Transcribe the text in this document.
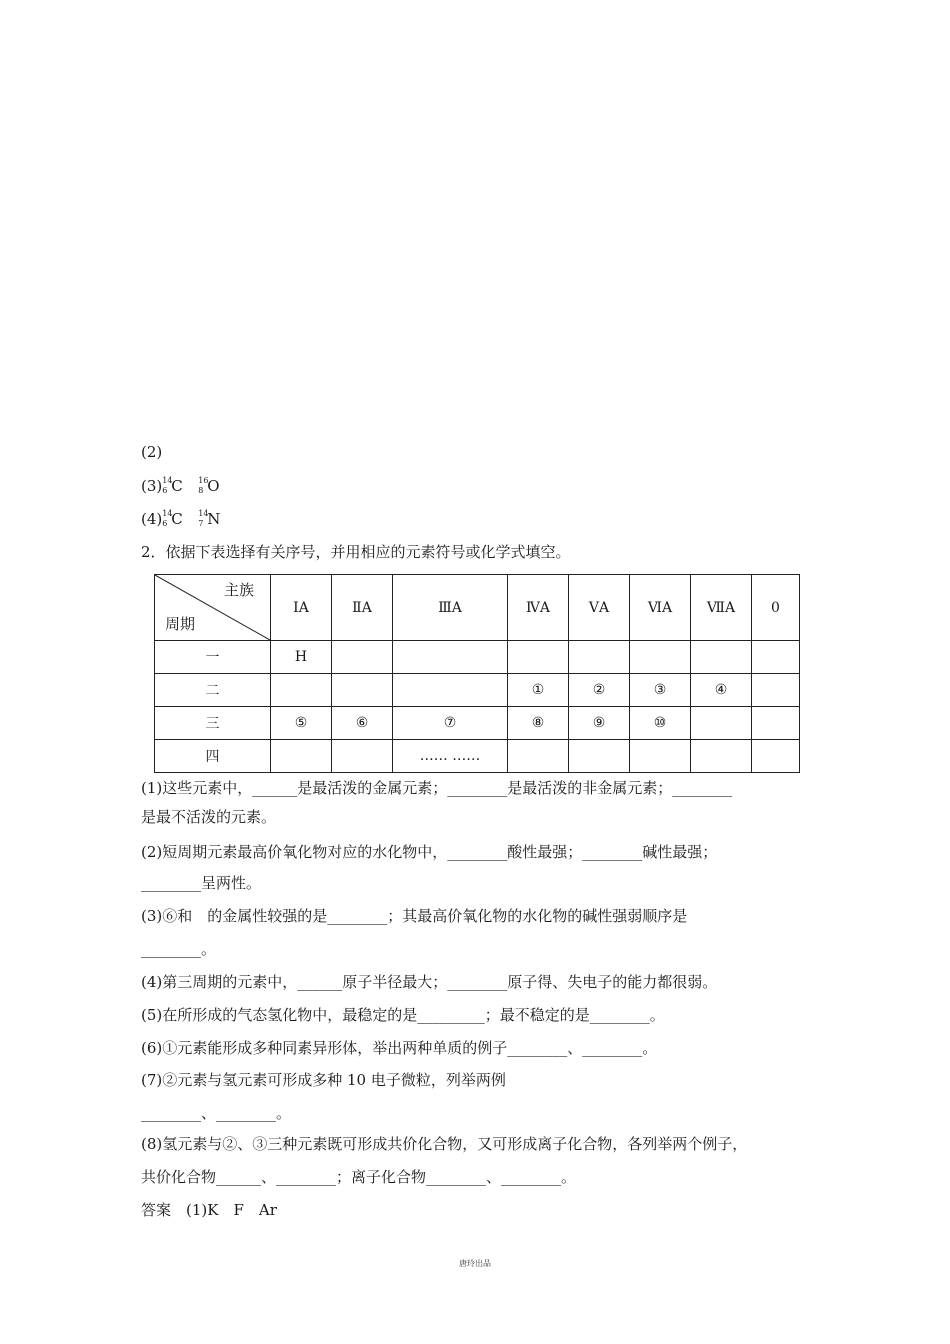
(2)
(3) 14
6 C 16
8 O
(4) 14
6 C 14
7 N
2．依据下表选择有关序号，并用相应的元素符号或化学式填空。
主族
周期	ⅠA	ⅡA	ⅢA	ⅣA	ⅤA	ⅥA	ⅦA	0
一	H							
二				①	②	③	④	
三	⑤	⑥	⑦	⑧	⑨	⑩		
四			…… ……					
(1)这些元素中，______是最活泼的金属元素；________是最活泼的非金属元素；________
是最不活泼的元素。
(2)短周期元素最高价氧化物对应的水化物中，________酸性最强；________碱性最强；
________呈两性。
(3)⑥和　的金属性较强的是________；其最高价氧化物的水化物的碱性强弱顺序是
________。
(4)第三周期的元素中，______原子半径最大；________原子得、失电子的能力都很弱。
(5)在所形成的气态氢化物中，最稳定的是_________；最不稳定的是________。
(6)①元素能形成多种同素异形体，举出两种单质的例子________、________。
(7)②元素与氢元素可形成多种 10 电子微粒，列举两例
________、________。
(8)氢元素与②、③三种元素既可形成共价化合物，又可形成离子化合物，各列举两个例子，
共价化合物______、________；离子化合物________、________。
答案　(1)K　F　Ar
唐玲出品
